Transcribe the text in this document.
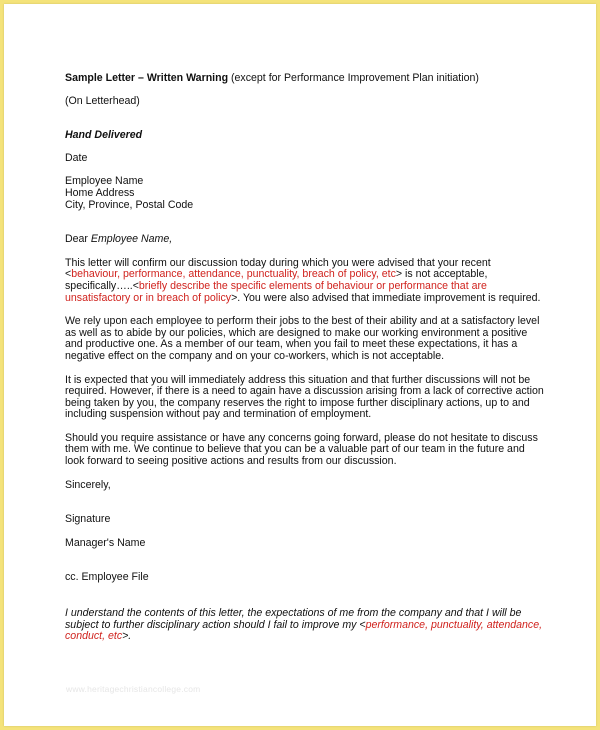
Sample Letter – Written Warning (except for Performance Improvement Plan initiation)

(On Letterhead)

Hand Delivered

Date

Employee Name

Home Address

City, Province, Postal Code

Dear Employee Name,

This letter will confirm our discussion today during which you were advised that your recent <behaviour, performance, attendance, punctuality, breach of policy, etc> is not acceptable, specifically…..<briefly describe the specific elements of behaviour or performance that are unsatisfactory or in breach of policy>. You were also advised that immediate improvement is required.

We rely upon each employee to perform their jobs to the best of their ability and at a satisfactory level as well as to abide by our policies, which are designed to make our working environment a positive and productive one. As a member of our team, when you fail to meet these expectations, it has a negative effect on the company and on your co-workers, which is not acceptable.

It is expected that you will immediately address this situation and that further discussions will not be required. However, if there is a need to again have a discussion arising from a lack of corrective action being taken by you, the company reserves the right to impose further disciplinary actions, up to and including suspension without pay and termination of employment.

Should you require assistance or have any concerns going forward, please do not hesitate to discuss them with me. We continue to believe that you can be a valuable part of our team in the future and look forward to seeing positive actions and results from our discussion.

Sincerely,

Signature

Manager's Name

cc. Employee File

I understand the contents of this letter, the expectations of me from the company and that I will be subject to further disciplinary action should I fail to improve my <performance, punctuality, attendance, conduct, etc>.

www.heritagechristiancollege.com
